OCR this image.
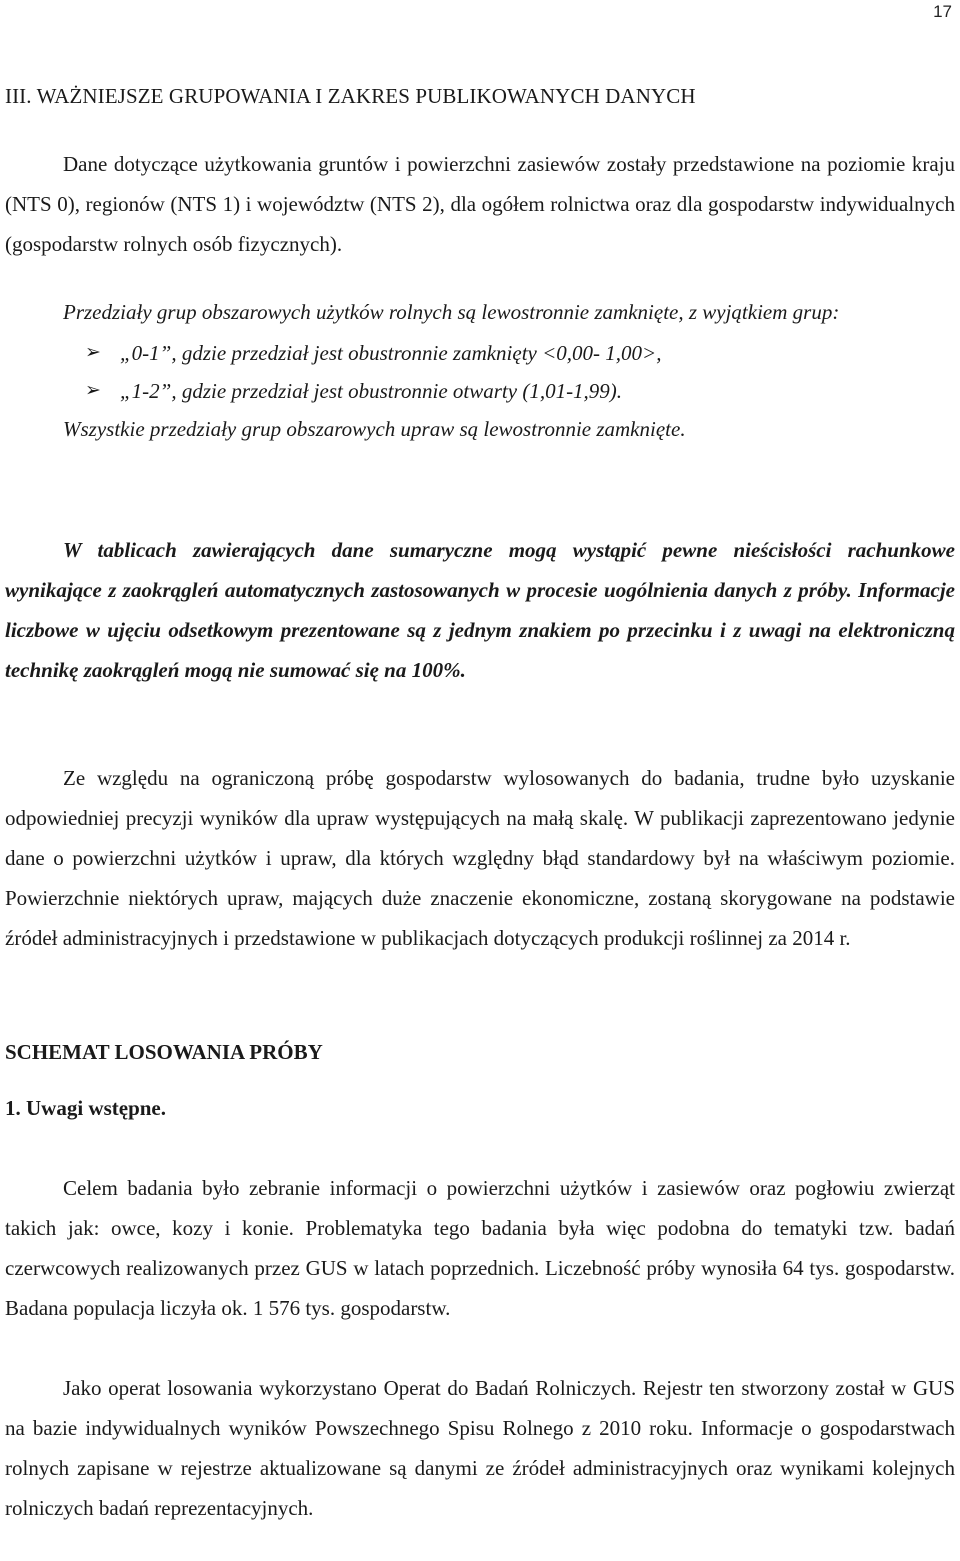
17
III. WAŻNIEJSZE GRUPOWANIA I ZAKRES PUBLIKOWANYCH DANYCH

Dane dotyczące użytkowania gruntów i powierzchni zasiewów zostały przedstawione na poziomie kraju (NTS 0), regionów (NTS 1) i województw (NTS 2), dla ogółem rolnictwa oraz dla gospodarstw indywidualnych (gospodarstw rolnych osób fizycznych).

Przedziały grup obszarowych użytków rolnych są lewostronnie zamknięte, z wyjątkiem grup:

➢ „0-1”, gdzie przedział jest obustronnie zamknięty <0,00- 1,00>,
➢ „1-2”, gdzie przedział jest obustronnie otwarty (1,01-1,99).

Wszystkie przedziały grup obszarowych upraw są lewostronnie zamknięte.

W tablicach zawierających dane sumaryczne mogą wystąpić pewne nieścisłości rachunkowe wynikające z zaokrągleń automatycznych zastosowanych w procesie uogólnienia danych z próby. Informacje liczbowe w ujęciu odsetkowym prezentowane są z jednym znakiem po przecinku i z uwagi na elektroniczną technikę zaokrągleń mogą nie sumować się na 100%.

Ze względu na ograniczoną próbę gospodarstw wylosowanych do badania, trudne było uzyskanie odpowiedniej precyzji wyników dla upraw występujących na małą skalę. W publikacji zaprezentowano jedynie dane o powierzchni użytków i upraw, dla których względny błąd standardowy był na właściwym poziomie. Powierzchnie niektórych upraw, mających duże znaczenie ekonomiczne, zostaną skorygowane na podstawie źródeł administracyjnych i przedstawione w publikacjach dotyczących produkcji roślinnej za 2014 r.

SCHEMAT LOSOWANIA PRÓBY
1. Uwagi wstępne.

Celem badania było zebranie informacji o powierzchni użytków i zasiewów oraz pogłowiu zwierząt takich jak: owce, kozy i konie. Problematyka tego badania była więc podobna do tematyki tzw. badań czerwcowych realizowanych przez GUS w latach poprzednich. Liczebność próby wynosiła 64 tys. gospodarstw. Badana populacja liczyła ok. 1 576 tys. gospodarstw.

Jako operat losowania wykorzystano Operat do Badań Rolniczych. Rejestr ten stworzony został w GUS na bazie indywidualnych wyników Powszechnego Spisu Rolnego z 2010 roku. Informacje o gospodarstwach rolnych zapisane w rejestrze aktualizowane są danymi ze źródeł administracyjnych oraz wynikami kolejnych rolniczych badań reprezentacyjnych.
